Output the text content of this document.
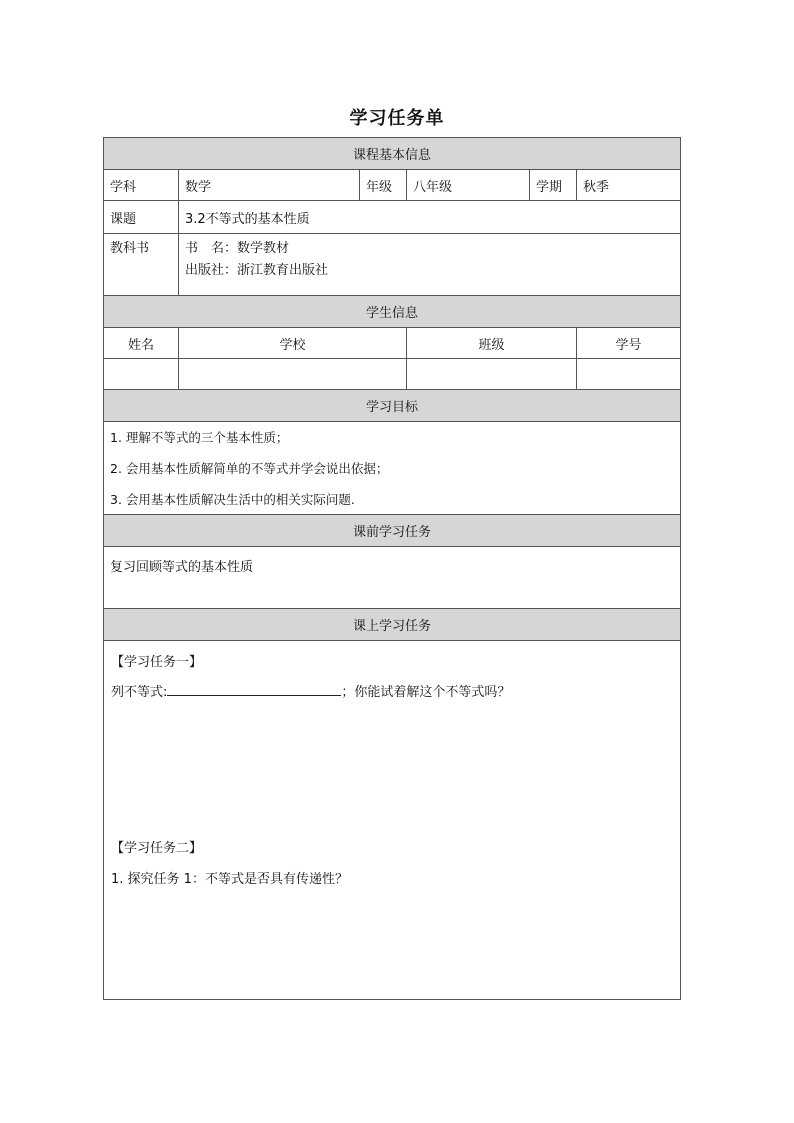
学习任务单
课程基本信息					
学科	数学	年级	八年级	学期	秋季
课题	3.2不等式的基本性质				

教科书	书　名：数学教材
出版社：浙江教育出版社				

学生信息					
姓名	学校		班级		学号

学习目标					
1. 理解不等式的三个基本性质；					
2. 会用基本性质解简单的不等式并学会说出依据；					
3. 会用基本性质解决生活中的相关实际问题.					
课前学习任务					
复习回顾等式的基本性质					
课上学习任务					

【学习任务一】
列不等式: ；你能试着解这个不等式吗？
【学习任务二】
1. 探究任务 1：不等式是否具有传递性？					
